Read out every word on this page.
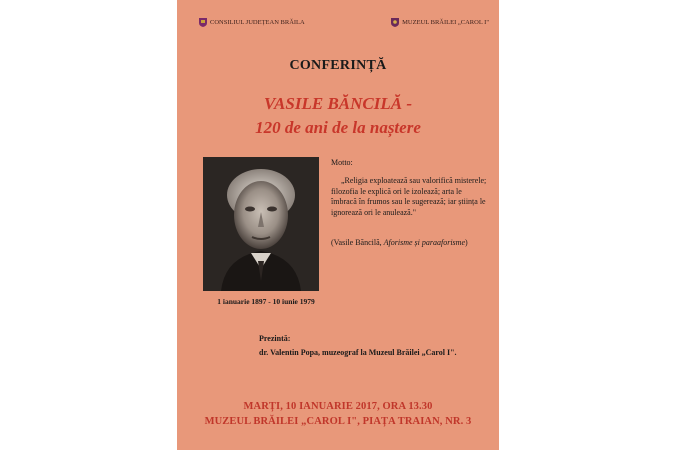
CONSILIUL JUDEȚEAN BRĂILA	MUZEUL BRĂILEI „CAROL I"
CONFERINȚĂ
VASILE BĂNCILĂ -
120 de ani de la naștere
1 ianuarie 1897 - 10 iunie 1979
Motto:
„Religia exploatează sau valorifică misterele; filozofia le explică ori le izolează; arta le îmbracă în frumos sau le sugerează; iar știința le ignorează ori le anulează."
(Vasile Băncilă, Aforisme și paraaforisme)
Prezintă:
dr. Valentin Popa, muzeograf la Muzeul Brăilei „Carol I".
MARȚI, 10 IANUARIE 2017, ORA 13.30
MUZEUL BRĂILEI „CAROL I", PIAȚA TRAIAN, NR. 3
